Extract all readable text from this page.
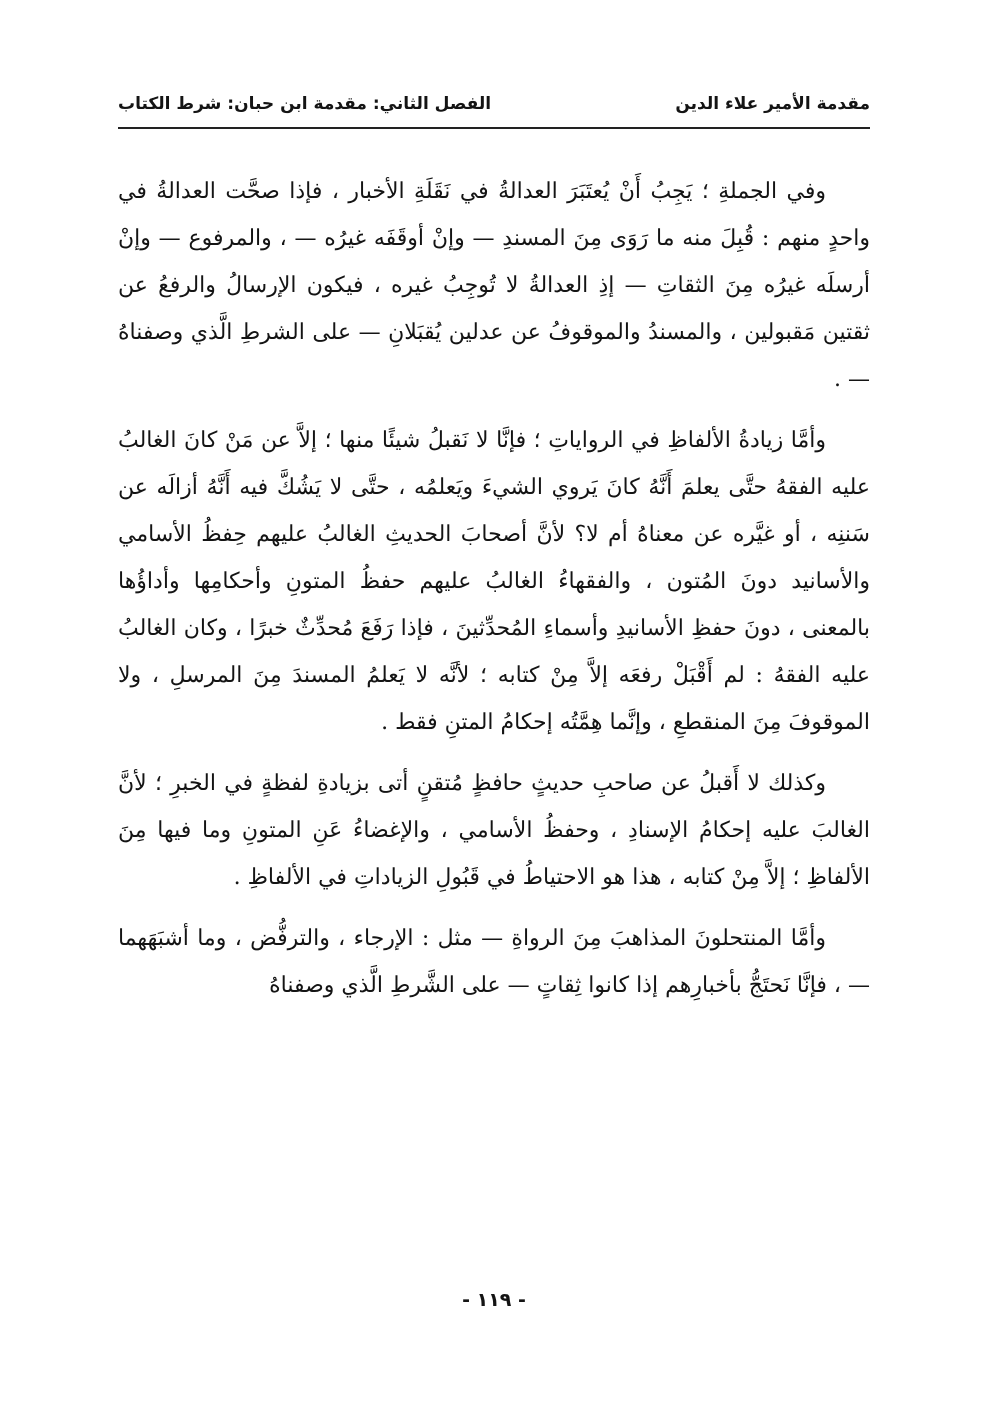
مقدمة الأمير علاء الدين
الفصل الثاني: مقدمة ابن حبان: شرط الكتاب

وفي الجملةِ ؛ يَجِبُ أَنْ يُعتَبَرَ العدالةُ في نَقَلَةِ الأخبار ، فإذا صحَّت العدالةُ في واحدٍ منهم : قُبِلَ منه ما رَوَى مِنَ المسندِ — وإنْ أوقَفَه غيرُه — ، والمرفوع — وإنْ أرسلَه غيرُه مِنَ الثقاتِ — إذِ العدالةُ لا تُوجِبُ غيره ، فيكون الإرسالُ والرفعُ عن ثقتين مَقبولين ، والمسندُ والموقوفُ عن عدلين يُقبَلانِ — على الشرطِ الَّذي وصفناهُ — .

وأمَّا زيادةُ الألفاظِ في الرواياتِ ؛ فإنَّا لا نَقبلُ شيئًا منها ؛ إلاَّ عن مَنْ كانَ الغالبُ عليه الفقهُ حتَّى يعلمَ أَنَّهُ كانَ يَروي الشيءَ ويَعلمُه ، حتَّى لا يَشُكَّ فيه أَنَّهُ أزالَه عن سَننِه ، أو غيَّره عن معناهُ أم لا؟ لأنَّ أصحابَ الحديثِ الغالبُ عليهم حِفظُ الأسامي والأسانيد دونَ المُتون ، والفقهاءُ الغالبُ عليهم حفظُ المتونِ وأحكامِها وأداؤُها بالمعنى ، دونَ حفظِ الأسانيدِ وأسماءِ المُحدِّثينَ ، فإذا رَفَعَ مُحدِّثٌ خبرًا ، وكان الغالبُ عليه الفقهُ : لم أَقْبَلْ رفعَه إلاَّ مِنْ كتابه ؛ لأنَّه لا يَعلمُ المسندَ مِنَ المرسلِ ، ولا الموقوفَ مِنَ المنقطعِ ، وإنَّما هِمَّتُه إحكامُ المتنِ فقط .

وكذلك لا أَقبلُ عن صاحبِ حديثٍ حافظٍ مُتقنٍ أتى بزيادةِ لفظةٍ في الخبرِ ؛ لأنَّ الغالبَ عليه إحكامُ الإسنادِ ، وحفظُ الأسامي ، والإغضاءُ عَنِ المتونِ وما فيها مِنَ الألفاظِ ؛ إلاَّ مِنْ كتابه ، هذا هو الاحتياطُ في قَبُولِ الزياداتِ في الألفاظِ .

وأمَّا المنتحلونَ المذاهبَ مِنَ الرواةِ — مثل : الإرجاء ، والترفُّض ، وما أشبَهَهما — ، فإنَّا نَحتَجُّ بأخبارِهم إذا كانوا ثِقاتٍ — على الشَّرطِ الَّذي وصفناهُ

- ١١٩ -
